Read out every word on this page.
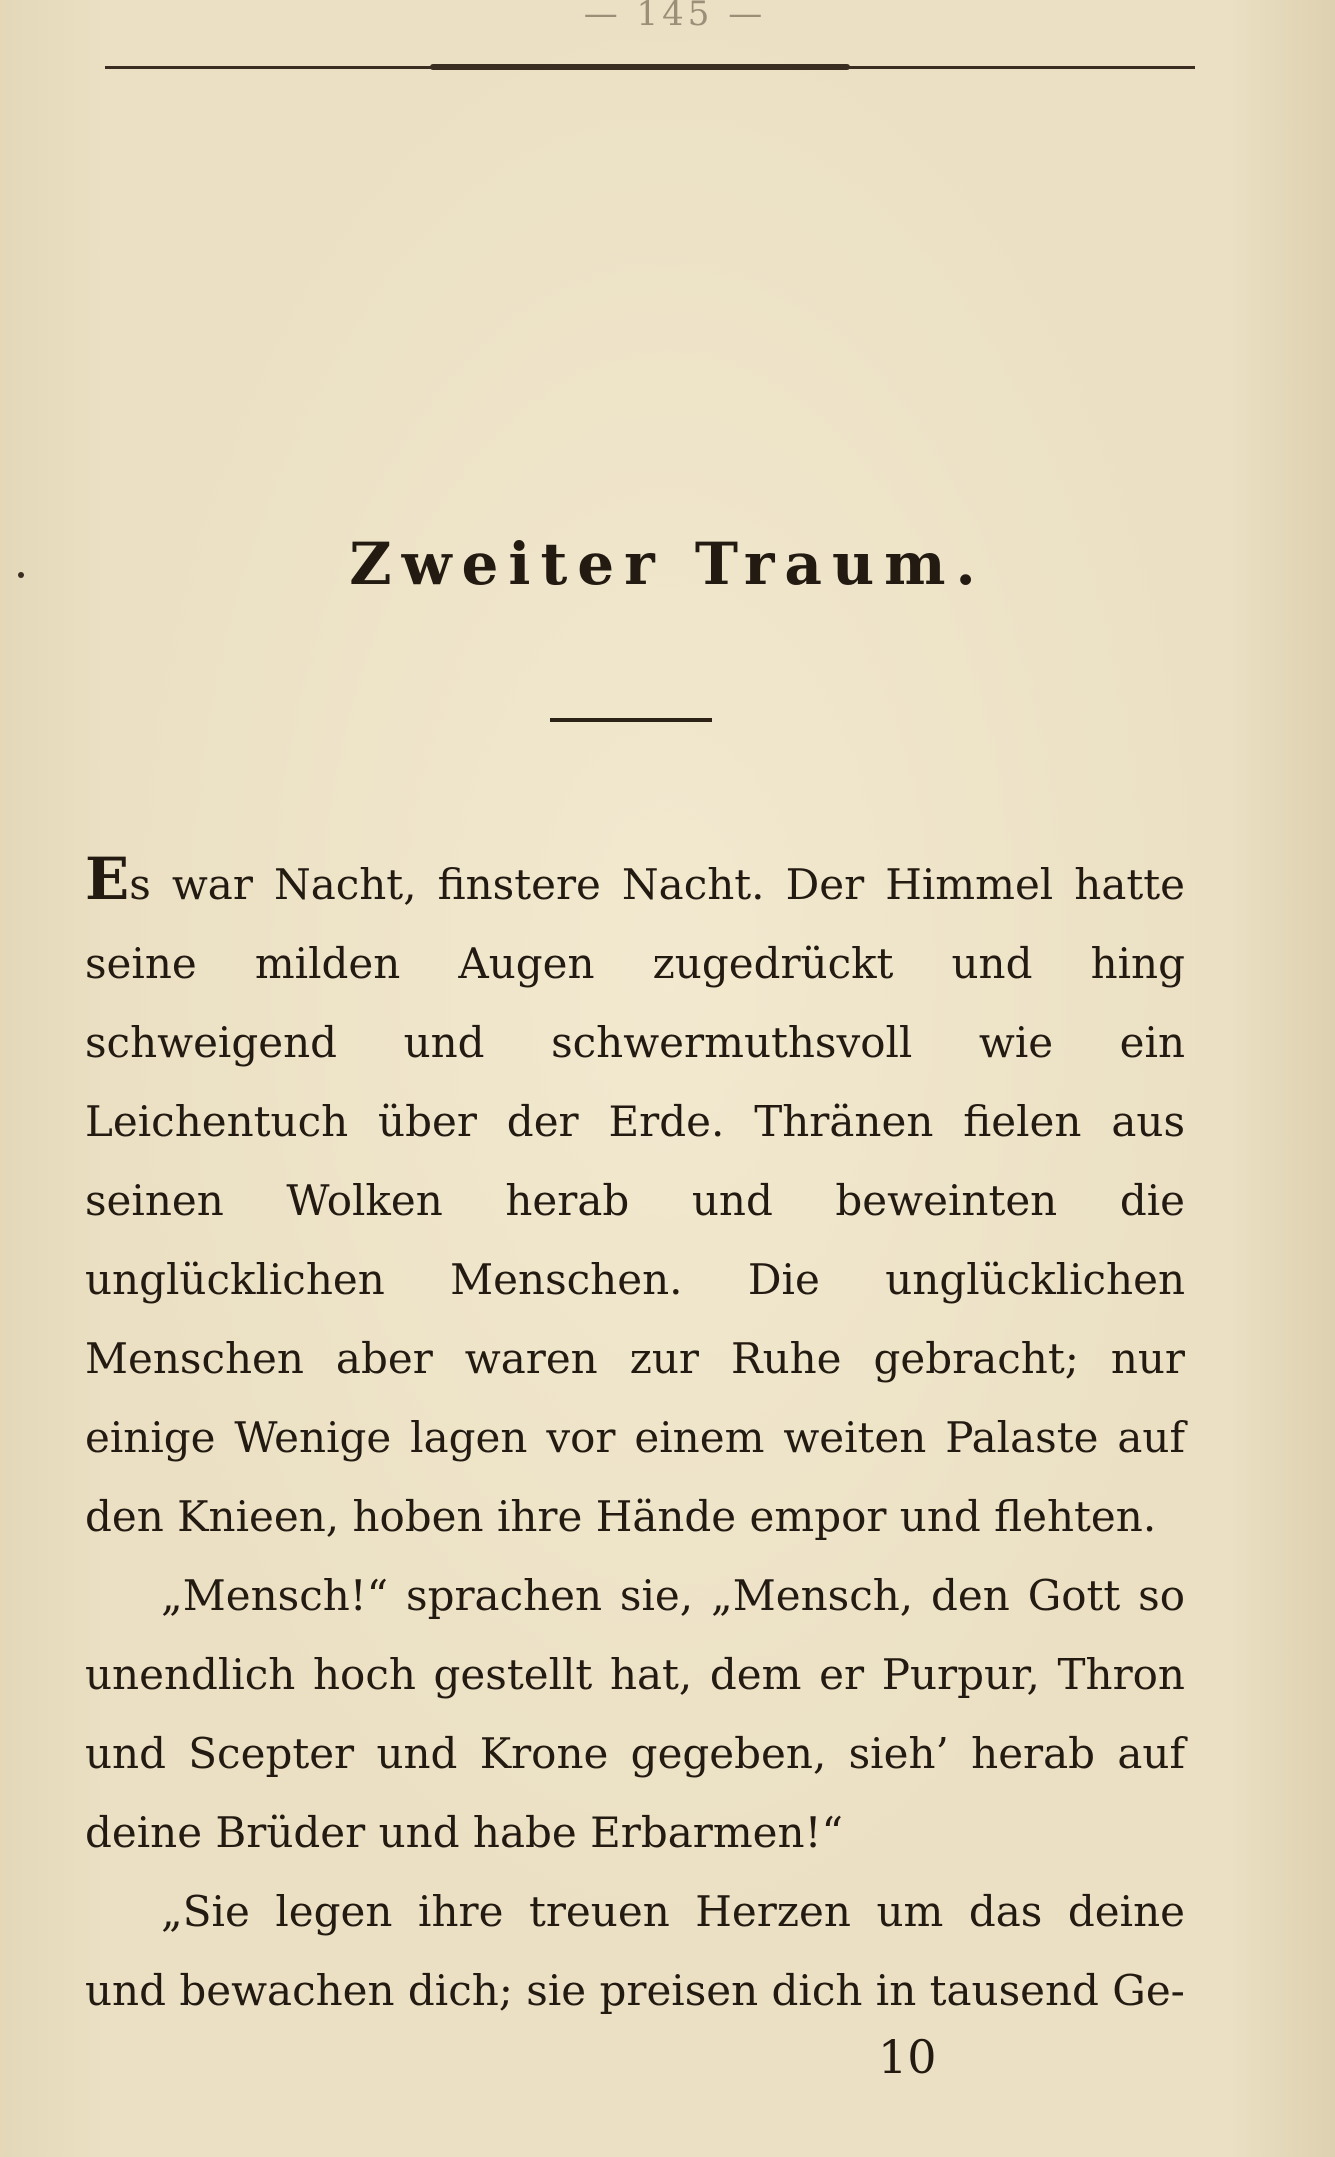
— 145 —
Zweiter Traum.

Es war Nacht, finstere Nacht. Der Himmel hatte seine milden Augen zugedrückt und hing schweigend und schwermuthsvoll wie ein Leichentuch über der Erde. Thränen fielen aus seinen Wolken herab und beweinten die unglücklichen Menschen. Die unglücklichen Menschen aber waren zur Ruhe gebracht; nur einige Wenige lagen vor einem weiten Palaste auf den Knieen, hoben ihre Hände empor und flehten.

„Mensch!“ sprachen sie, „Mensch, den Gott so unendlich hoch gestellt hat, dem er Purpur, Thron und Scepter und Krone gegeben, sieh’ herab auf deine Brüder und habe Erbarmen!“

„Sie legen ihre treuen Herzen um das deine und bewachen dich; sie preisen dich in tausend Ge-

10
